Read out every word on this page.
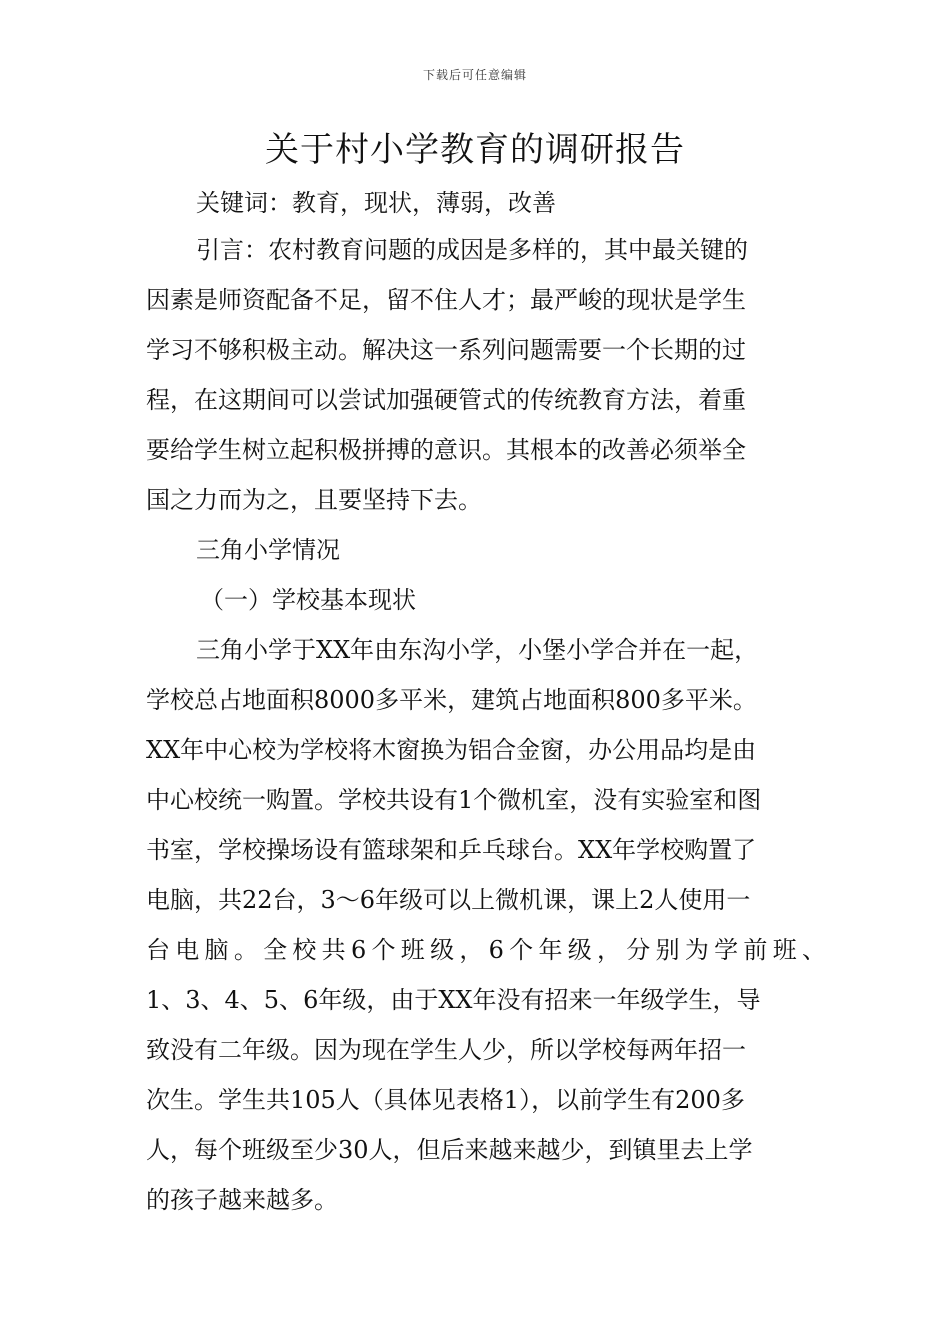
下载后可任意编辑
关于村小学教育的调研报告
关键词：教育，现状，薄弱，改善
引言：农村教育问题的成因是多样的，其中最关键的
因素是师资配备不足，留不住人才；最严峻的现状是学生
学习不够积极主动。解决这一系列问题需要一个长期的过
程，在这期间可以尝试加强硬管式的传统教育方法，着重
要给学生树立起积极拼搏的意识。其根本的改善必须举全
国之力而为之，且要坚持下去。
三角小学情况
（一）学校基本现状
三角小学于XX年由东沟小学，小堡小学合并在一起，
学校总占地面积8000多平米，建筑占地面积800多平米。
XX年中心校为学校将木窗换为铝合金窗，办公用品均是由
中心校统一购置。学校共设有1个微机室，没有实验室和图
书室，学校操场设有篮球架和乒乓球台。XX年学校购置了
电脑，共22台，3～6年级可以上微机课，课上2人使用一
台电脑。全校共6个班级，6个年级，分别为学前班、
1、3、4、5、6年级，由于XX年没有招来一年级学生，导
致没有二年级。因为现在学生人少，所以学校每两年招一
次生。学生共105人（具体见表格1），以前学生有200多
人，每个班级至少30人，但后来越来越少，到镇里去上学
的孩子越来越多。
